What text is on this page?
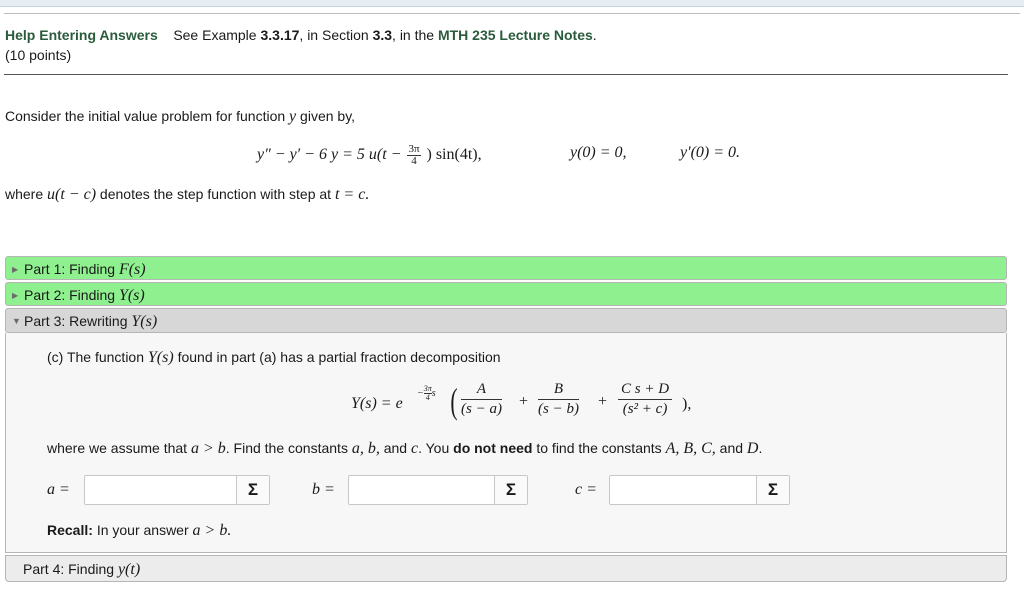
Help Entering Answers See Example 3.3.17, in Section 3.3, in the MTH 235 Lecture Notes.
(10 points)
Consider the initial value problem for function y given by,
y″ − y′ − 6 y = 5 $u(t - \frac{3\pi}{4}$ ) sin(4t),	y(0) = 0,	y′(0) = 0.
where u(t − c) denotes the step function with step at t = c.
▶ Part 1: Finding F(s)
▶ Part 2: Finding Y(s)
▼ Part 3: Rewriting Y(s)
(c) The function Y(s) found in part (a) has a partial fraction decomposition
Y(s) = e
− $\frac{3\pi}{4}$ s ( $\frac{A}{(s - a)} + \frac{B}{(s - b)} + \frac{\text{C s + D}}{\text{(s² + c)}}$ ),
where we assume that a > b. Find the constants a, b, and c. You do not need to find the constants A, B, C, and D.
a =	Σ	b =	Σ	c =	Σ
Recall: In your answer a > b.
Part 4: Finding y(t)
